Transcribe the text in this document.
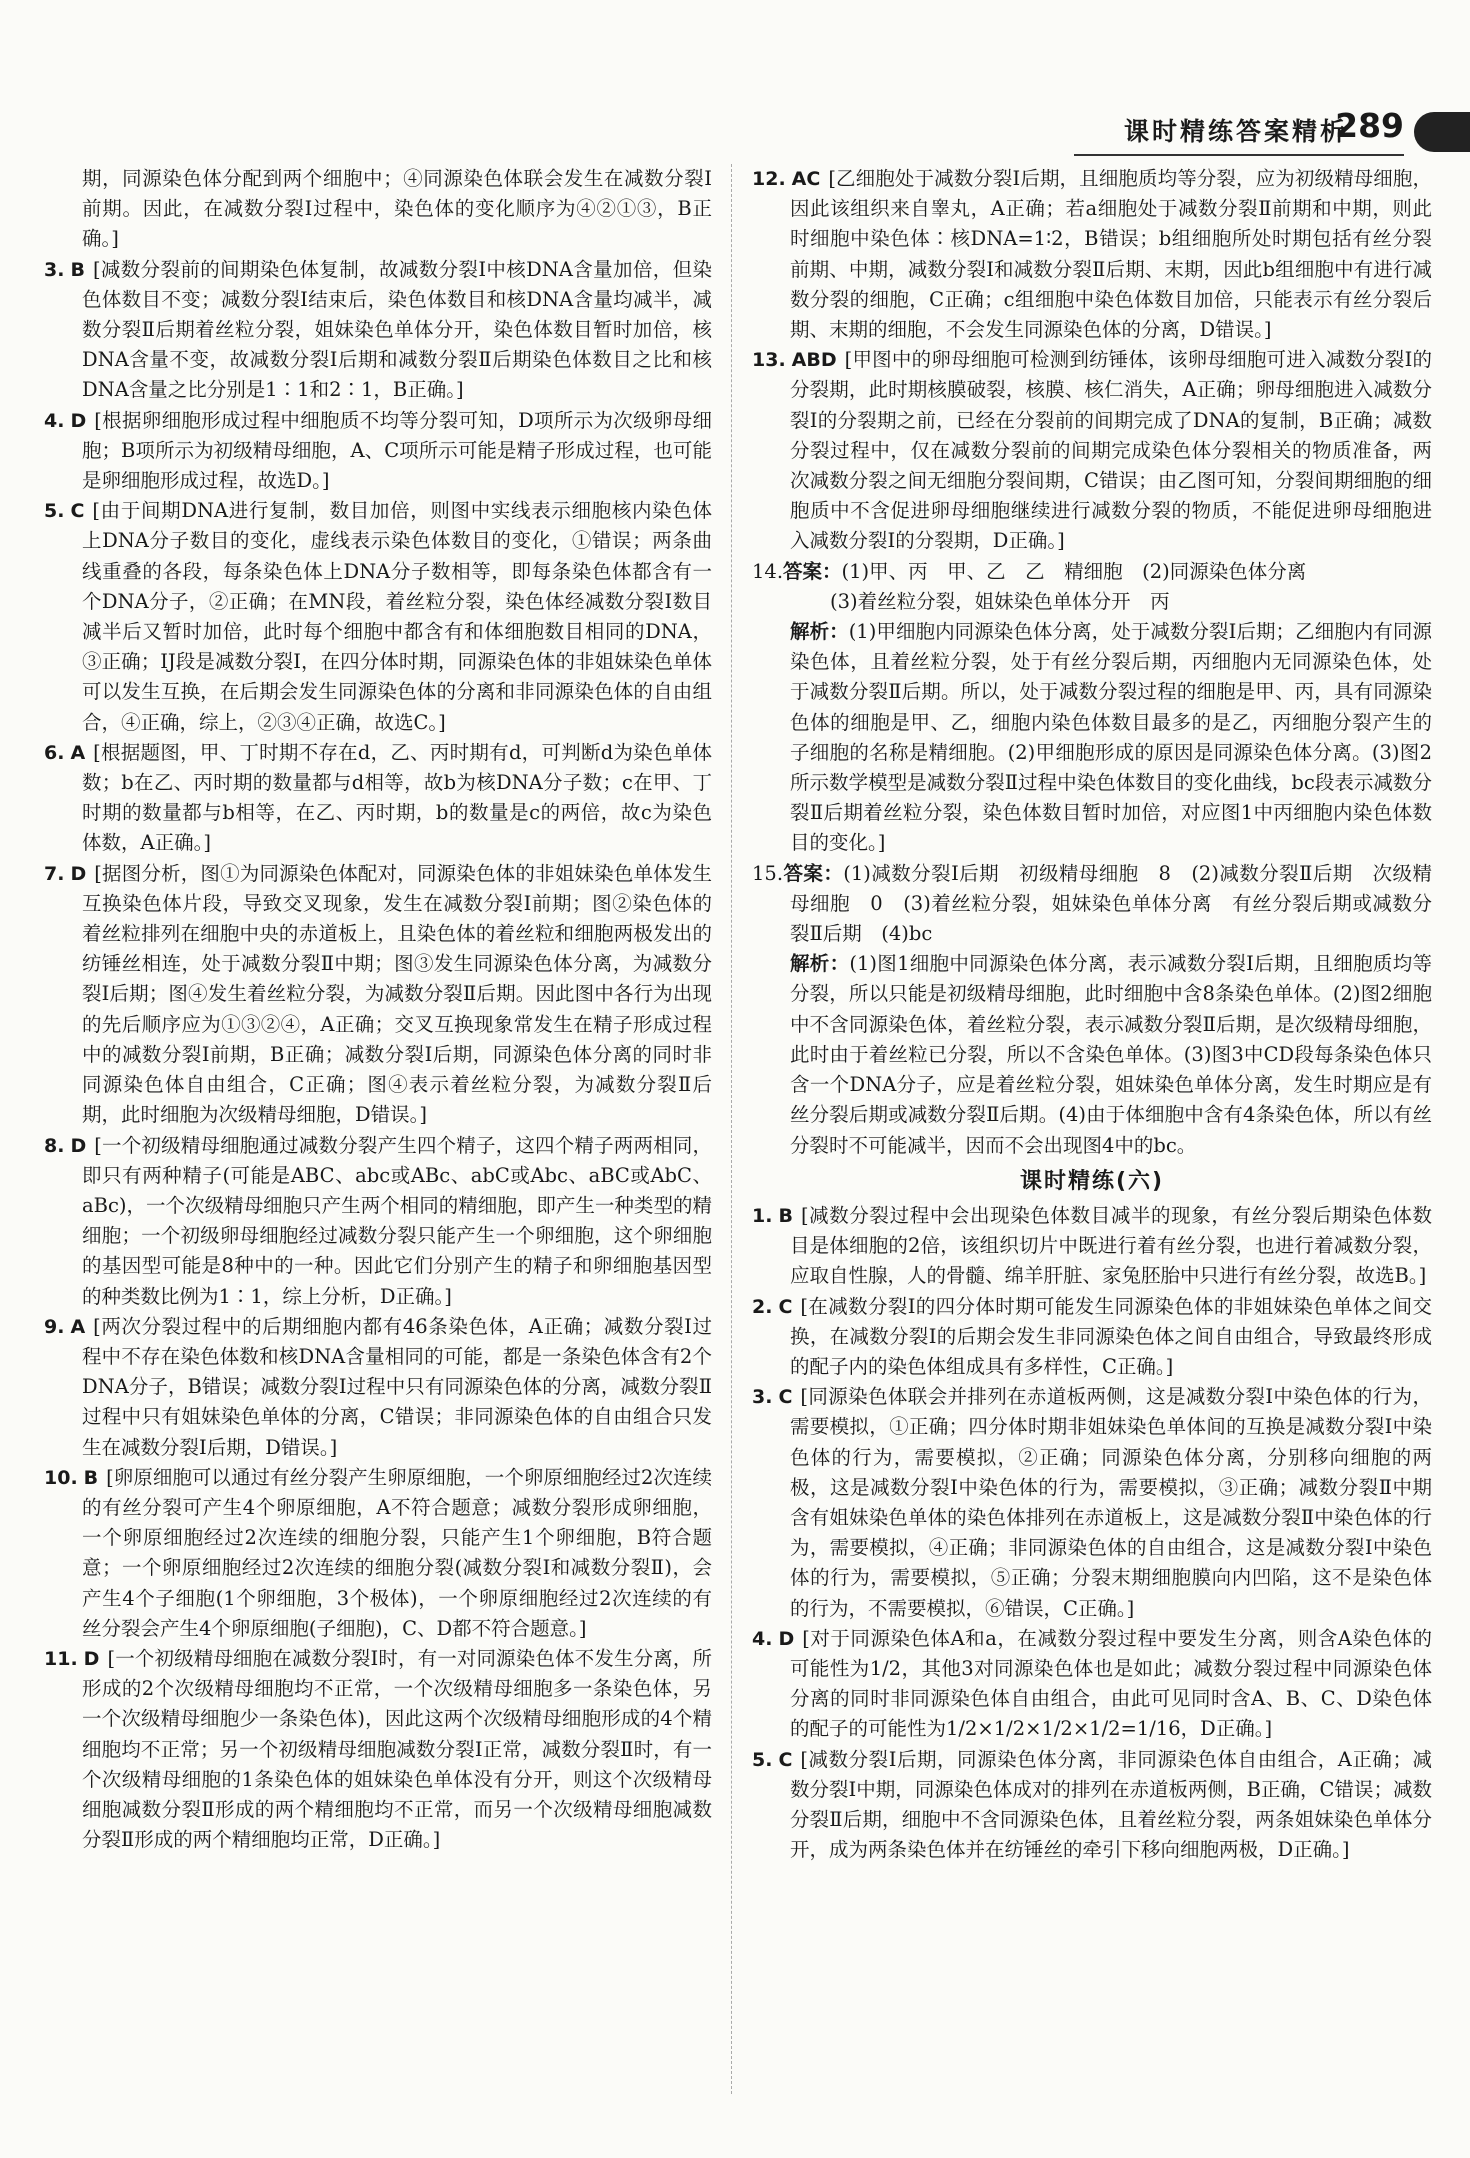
课时精练答案精析
289

期，同源染色体分配到两个细胞中；④同源染色体联会发生在减数分裂Ⅰ前期。因此，在减数分裂Ⅰ过程中，染色体的变化顺序为④②①③，B正确。]

3. B [减数分裂前的间期染色体复制，故减数分裂Ⅰ中核DNA含量加倍，但染色体数目不变；减数分裂Ⅰ结束后，染色体数目和核DNA含量均减半，减数分裂Ⅱ后期着丝粒分裂，姐妹染色单体分开，染色体数目暂时加倍，核DNA含量不变，故减数分裂Ⅰ后期和减数分裂Ⅱ后期染色体数目之比和核DNA含量之比分别是1∶1和2∶1，B正确。]
4. D [根据卵细胞形成过程中细胞质不均等分裂可知，D项所示为次级卵母细胞；B项所示为初级精母细胞，A、C项所示可能是精子形成过程，也可能是卵细胞形成过程，故选D。]
5. C [由于间期DNA进行复制，数目加倍，则图中实线表示细胞核内染色体上DNA分子数目的变化，虚线表示染色体数目的变化，①错误；两条曲线重叠的各段，每条染色体上DNA分子数相等，即每条染色体都含有一个DNA分子，②正确；在MN段，着丝粒分裂，染色体经减数分裂Ⅰ数目减半后又暂时加倍，此时每个细胞中都含有和体细胞数目相同的DNA，③正确；IJ段是减数分裂Ⅰ，在四分体时期，同源染色体的非姐妹染色单体可以发生互换，在后期会发生同源染色体的分离和非同源染色体的自由组合，④正确，综上，②③④正确，故选C。]
6. A [根据题图，甲、丁时期不存在d，乙、丙时期有d，可判断d为染色单体数；b在乙、丙时期的数量都与d相等，故b为核DNA分子数；c在甲、丁时期的数量都与b相等，在乙、丙时期，b的数量是c的两倍，故c为染色体数，A正确。]
7. D [据图分析，图①为同源染色体配对，同源染色体的非姐妹染色单体发生互换染色体片段，导致交叉现象，发生在减数分裂Ⅰ前期；图②染色体的着丝粒排列在细胞中央的赤道板上，且染色体的着丝粒和细胞两极发出的纺锤丝相连，处于减数分裂Ⅱ中期；图③发生同源染色体分离，为减数分裂Ⅰ后期；图④发生着丝粒分裂，为减数分裂Ⅱ后期。因此图中各行为出现的先后顺序应为①③②④，A正确；交叉互换现象常发生在精子形成过程中的减数分裂Ⅰ前期，B正确；减数分裂Ⅰ后期，同源染色体分离的同时非同源染色体自由组合，C正确；图④表示着丝粒分裂，为减数分裂Ⅱ后期，此时细胞为次级精母细胞，D错误。]
8. D [一个初级精母细胞通过减数分裂产生四个精子，这四个精子两两相同，即只有两种精子(可能是ABC、abc或ABc、abC或Abc、aBC或AbC、aBc)，一个次级精母细胞只产生两个相同的精细胞，即产生一种类型的精细胞；一个初级卵母细胞经过减数分裂只能产生一个卵细胞，这个卵细胞的基因型可能是8种中的一种。因此它们分别产生的精子和卵细胞基因型的种类数比例为1∶1，综上分析，D正确。]
9. A [两次分裂过程中的后期细胞内都有46条染色体，A正确；减数分裂Ⅰ过程中不存在染色体数和核DNA含量相同的可能，都是一条染色体含有2个DNA分子，B错误；减数分裂Ⅰ过程中只有同源染色体的分离，减数分裂Ⅱ过程中只有姐妹染色单体的分离，C错误；非同源染色体的自由组合只发生在减数分裂Ⅰ后期，D错误。]
10. B [卵原细胞可以通过有丝分裂产生卵原细胞，一个卵原细胞经过2次连续的有丝分裂可产生4个卵原细胞，A不符合题意；减数分裂形成卵细胞，一个卵原细胞经过2次连续的细胞分裂，只能产生1个卵细胞，B符合题意；一个卵原细胞经过2次连续的细胞分裂(减数分裂Ⅰ和减数分裂Ⅱ)，会产生4个子细胞(1个卵细胞，3个极体)，一个卵原细胞经过2次连续的有丝分裂会产生4个卵原细胞(子细胞)，C、D都不符合题意。]
11. D [一个初级精母细胞在减数分裂Ⅰ时，有一对同源染色体不发生分离，所形成的2个次级精母细胞均不正常，一个次级精母细胞多一条染色体，另一个次级精母细胞少一条染色体)，因此这两个次级精母细胞形成的4个精细胞均不正常；另一个初级精母细胞减数分裂Ⅰ正常，减数分裂Ⅱ时，有一个次级精母细胞的1条染色体的姐妹染色单体没有分开，则这个次级精母细胞减数分裂Ⅱ形成的两个精细胞均不正常，而另一个次级精母细胞减数分裂Ⅱ形成的两个精细胞均正常，D正确。]
12. AC [乙细胞处于减数分裂Ⅰ后期，且细胞质均等分裂，应为初级精母细胞，因此该组织来自睾丸，A正确；若a细胞处于减数分裂Ⅱ前期和中期，则此时细胞中染色体∶核DNA=1∶2，B错误；b组细胞所处时期包括有丝分裂前期、中期，减数分裂Ⅰ和减数分裂Ⅱ后期、末期，因此b组细胞中有进行减数分裂的细胞，C正确；c组细胞中染色体数目加倍，只能表示有丝分裂后期、末期的细胞，不会发生同源染色体的分离，D错误。]
13. ABD [甲图中的卵母细胞可检测到纺锤体，该卵母细胞可进入减数分裂Ⅰ的分裂期，此时期核膜破裂，核膜、核仁消失，A正确；卵母细胞进入减数分裂Ⅰ的分裂期之前，已经在分裂前的间期完成了DNA的复制，B正确；减数分裂过程中，仅在减数分裂前的间期完成染色体分裂相关的物质准备，两次减数分裂之间无细胞分裂间期，C错误；由乙图可知，分裂间期细胞的细胞质中不含促进卵母细胞继续进行减数分裂的物质，不能促进卵母细胞进入减数分裂Ⅰ的分裂期，D正确。]
14.答案：(1)甲、丙　甲、乙　乙　精细胞　(2)同源染色体分离
(3)着丝粒分裂，姐妹染色单体分开　丙
解析：(1)甲细胞内同源染色体分离，处于减数分裂Ⅰ后期；乙细胞内有同源染色体，且着丝粒分裂，处于有丝分裂后期，丙细胞内无同源染色体，处于减数分裂Ⅱ后期。所以，处于减数分裂过程的细胞是甲、丙，具有同源染色体的细胞是甲、乙，细胞内染色体数目最多的是乙，丙细胞分裂产生的子细胞的名称是精细胞。(2)甲细胞形成的原因是同源染色体分离。(3)图2所示数学模型是减数分裂Ⅱ过程中染色体数目的变化曲线，bc段表示减数分裂Ⅱ后期着丝粒分裂，染色体数目暂时加倍，对应图1中丙细胞内染色体数目的变化。]
15.答案：(1)减数分裂Ⅰ后期　初级精母细胞　8　(2)减数分裂Ⅱ后期　次级精母细胞　0　(3)着丝粒分裂，姐妹染色单体分离　有丝分裂后期或减数分裂Ⅱ后期　(4)bc
解析：(1)图1细胞中同源染色体分离，表示减数分裂Ⅰ后期，且细胞质均等分裂，所以只能是初级精母细胞，此时细胞中含8条染色单体。(2)图2细胞中不含同源染色体，着丝粒分裂，表示减数分裂Ⅱ后期，是次级精母细胞，此时由于着丝粒已分裂，所以不含染色单体。(3)图3中CD段每条染色体只含一个DNA分子，应是着丝粒分裂，姐妹染色单体分离，发生时期应是有丝分裂后期或减数分裂Ⅱ后期。(4)由于体细胞中含有4条染色体，所以有丝分裂时不可能减半，因而不会出现图4中的bc。
课时精练(六)
1. B [减数分裂过程中会出现染色体数目减半的现象，有丝分裂后期染色体数目是体细胞的2倍，该组织切片中既进行着有丝分裂，也进行着减数分裂，应取自性腺，人的骨髓、绵羊肝脏、家兔胚胎中只进行有丝分裂，故选B。]
2. C [在减数分裂Ⅰ的四分体时期可能发生同源染色体的非姐妹染色单体之间交换，在减数分裂Ⅰ的后期会发生非同源染色体之间自由组合，导致最终形成的配子内的染色体组成具有多样性，C正确。]
3. C [同源染色体联会并排列在赤道板两侧，这是减数分裂Ⅰ中染色体的行为，需要模拟，①正确；四分体时期非姐妹染色单体间的互换是减数分裂Ⅰ中染色体的行为，需要模拟，②正确；同源染色体分离，分别移向细胞的两极，这是减数分裂Ⅰ中染色体的行为，需要模拟，③正确；减数分裂Ⅱ中期含有姐妹染色单体的染色体排列在赤道板上，这是减数分裂Ⅱ中染色体的行为，需要模拟，④正确；非同源染色体的自由组合，这是减数分裂Ⅰ中染色体的行为，需要模拟，⑤正确；分裂末期细胞膜向内凹陷，这不是染色体的行为，不需要模拟，⑥错误，C正确。]
4. D [对于同源染色体A和a，在减数分裂过程中要发生分离，则含A染色体的可能性为1/2，其他3对同源染色体也是如此；减数分裂过程中同源染色体分离的同时非同源染色体自由组合，由此可见同时含A、B、C、D染色体的配子的可能性为1/2×1/2×1/2×1/2=1/16，D正确。]
5. C [减数分裂Ⅰ后期，同源染色体分离，非同源染色体自由组合，A正确；减数分裂Ⅰ中期，同源染色体成对的排列在赤道板两侧，B正确，C错误；减数分裂Ⅱ后期，细胞中不含同源染色体，且着丝粒分裂，两条姐妹染色单体分开，成为两条染色体并在纺锤丝的牵引下移向细胞两极，D正确。]
